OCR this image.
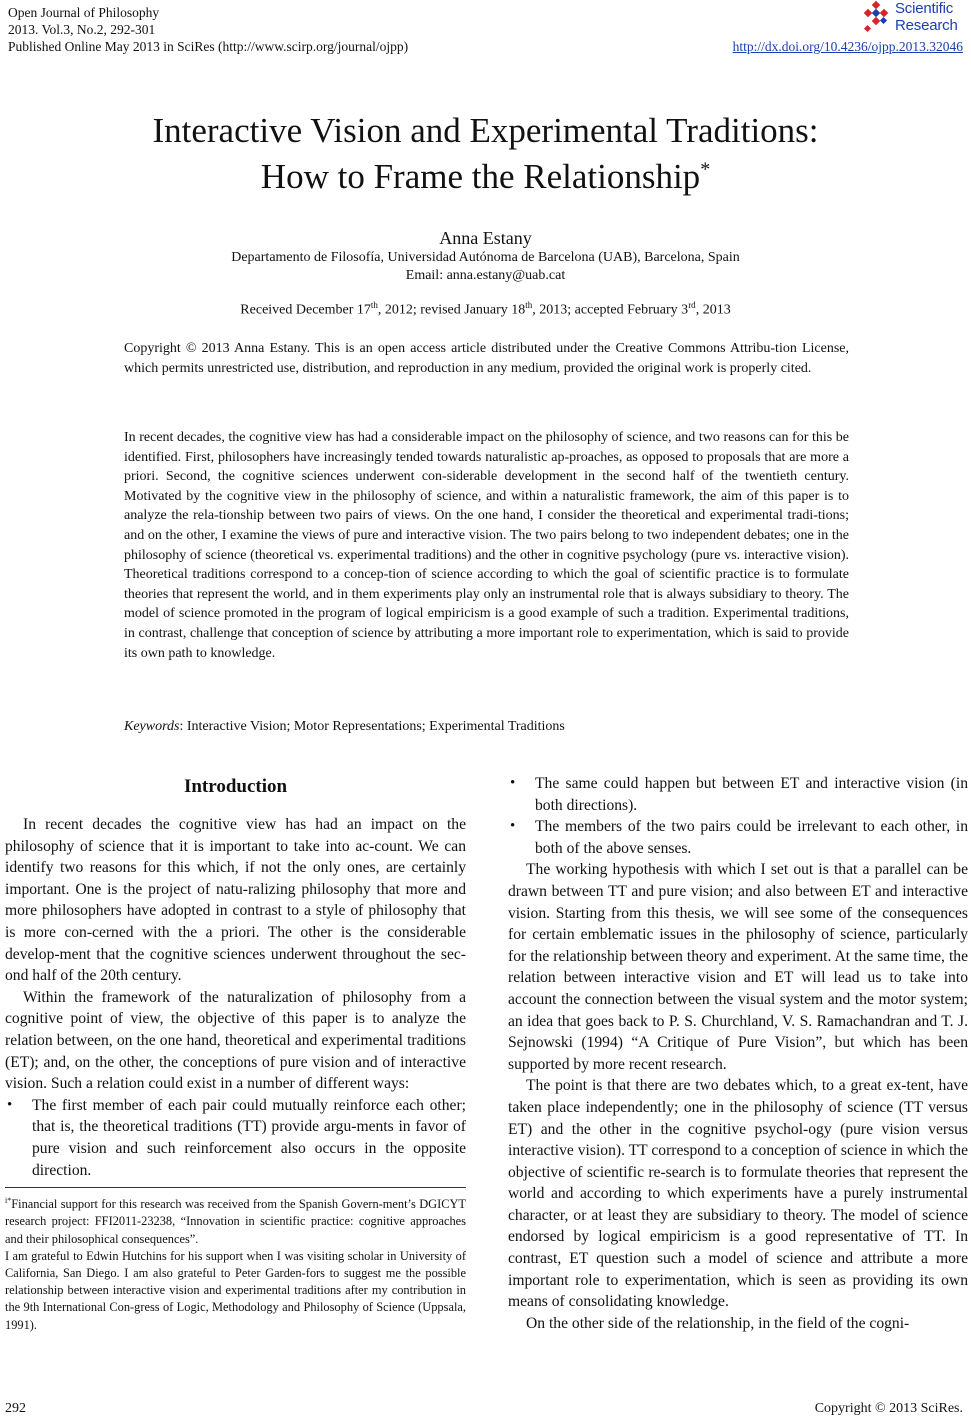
Open Journal of Philosophy
2013. Vol.3, No.2, 292-301
Published Online May 2013 in SciRes (http://www.scirp.org/journal/ojpp)	http://dx.doi.org/10.4236/ojpp.2013.32046
Scientific
Research
Interactive Vision and Experimental Traditions:
How to Frame the Relationship*
Anna Estany
Departamento de Filosofía, Universidad Autónoma de Barcelona (UAB), Barcelona, Spain
Email: anna.estany@uab.cat
Received December 17th, 2012; revised January 18th, 2013; accepted February 3rd, 2013
Copyright © 2013 Anna Estany. This is an open access article distributed under the Creative Commons Attribu-tion License, which permits unrestricted use, distribution, and reproduction in any medium, provided the original work is properly cited.
In recent decades, the cognitive view has had a considerable impact on the philosophy of science, and two reasons can for this be identified. First, philosophers have increasingly tended towards naturalistic ap-proaches, as opposed to proposals that are more a priori. Second, the cognitive sciences underwent con-siderable development in the second half of the twentieth century. Motivated by the cognitive view in the philosophy of science, and within a naturalistic framework, the aim of this paper is to analyze the rela-tionship between two pairs of views. On the one hand, I consider the theoretical and experimental tradi-tions; and on the other, I examine the views of pure and interactive vision. The two pairs belong to two independent debates; one in the philosophy of science (theoretical vs. experimental traditions) and the other in cognitive psychology (pure vs. interactive vision). Theoretical traditions correspond to a concep-tion of science according to which the goal of scientific practice is to formulate theories that represent the world, and in them experiments play only an instrumental role that is always subsidiary to theory. The model of science promoted in the program of logical empiricism is a good example of such a tradition. Experimental traditions, in contrast, challenge that conception of science by attributing a more important role to experimentation, which is said to provide its own path to knowledge.
Keywords: Interactive Vision; Motor Representations; Experimental Traditions
Introduction

In recent decades the cognitive view has had an impact on the philosophy of science that it is important to take into ac-count. We can identify two reasons for this which, if not the only ones, are certainly important. One is the project of natu-ralizing philosophy that more and more philosophers have adopted in contrast to a style of philosophy that is more con-cerned with the a priori. The other is the considerable develop-ment that the cognitive sciences underwent throughout the sec-ond half of the 20th century.

Within the framework of the naturalization of philosophy from a cognitive point of view, the objective of this paper is to analyze the relation between, on the one hand, theoretical and experimental traditions (ET); and, on the other, the conceptions of pure vision and of interactive vision. Such a relation could exist in a number of different ways:

• The first member of each pair could mutually reinforce each other; that is, the theoretical traditions (TT) provide argu-ments in favor of pure vision and such reinforcement also occurs in the opposite direction.
$^{i*}$Financial support for this research was received from the Spanish Govern-ment’s DGICYT research project: FFI2011-23238, “Innovation in scientific practice: cognitive approaches and their philosophical consequences”.
I am grateful to Edwin Hutchins for his support when I was visiting scholar in University of California, San Diego. I am also grateful to Peter Garden-fors to suggest me the possible relationship between interactive vision and experimental traditions after my contribution in the 9th International Con-gress of Logic, Methodology and Philosophy of Science (Uppsala, 1991).
• The same could happen but between ET and interactive vision (in both directions).
• The members of the two pairs could be irrelevant to each other, in both of the above senses.

The working hypothesis with which I set out is that a parallel can be drawn between TT and pure vision; and also between ET and interactive vision. Starting from this thesis, we will see some of the consequences for certain emblematic issues in the philosophy of science, particularly for the relationship between theory and experiment. At the same time, the relation between interactive vision and ET will lead us to take into account the connection between the visual system and the motor system; an idea that goes back to P. S. Churchland, V. S. Ramachandran and T. J. Sejnowski (1994) “A Critique of Pure Vision”, but which has been supported by more recent research.

The point is that there are two debates which, to a great ex-tent, have taken place independently; one in the philosophy of science (TT versus ET) and the other in the cognitive psychol-ogy (pure vision versus interactive vision). TT correspond to a conception of science in which the objective of scientific re-search is to formulate theories that represent the world and according to which experiments have a purely instrumental character, or at least they are subsidiary to theory. The model of science endorsed by logical empiricism is a good representative of TT. In contrast, ET question such a model of science and attribute a more important role to experimentation, which is seen as providing its own means of consolidating knowledge.

On the other side of the relationship, in the field of the cogni-

292	Copyright © 2013 SciRes.
